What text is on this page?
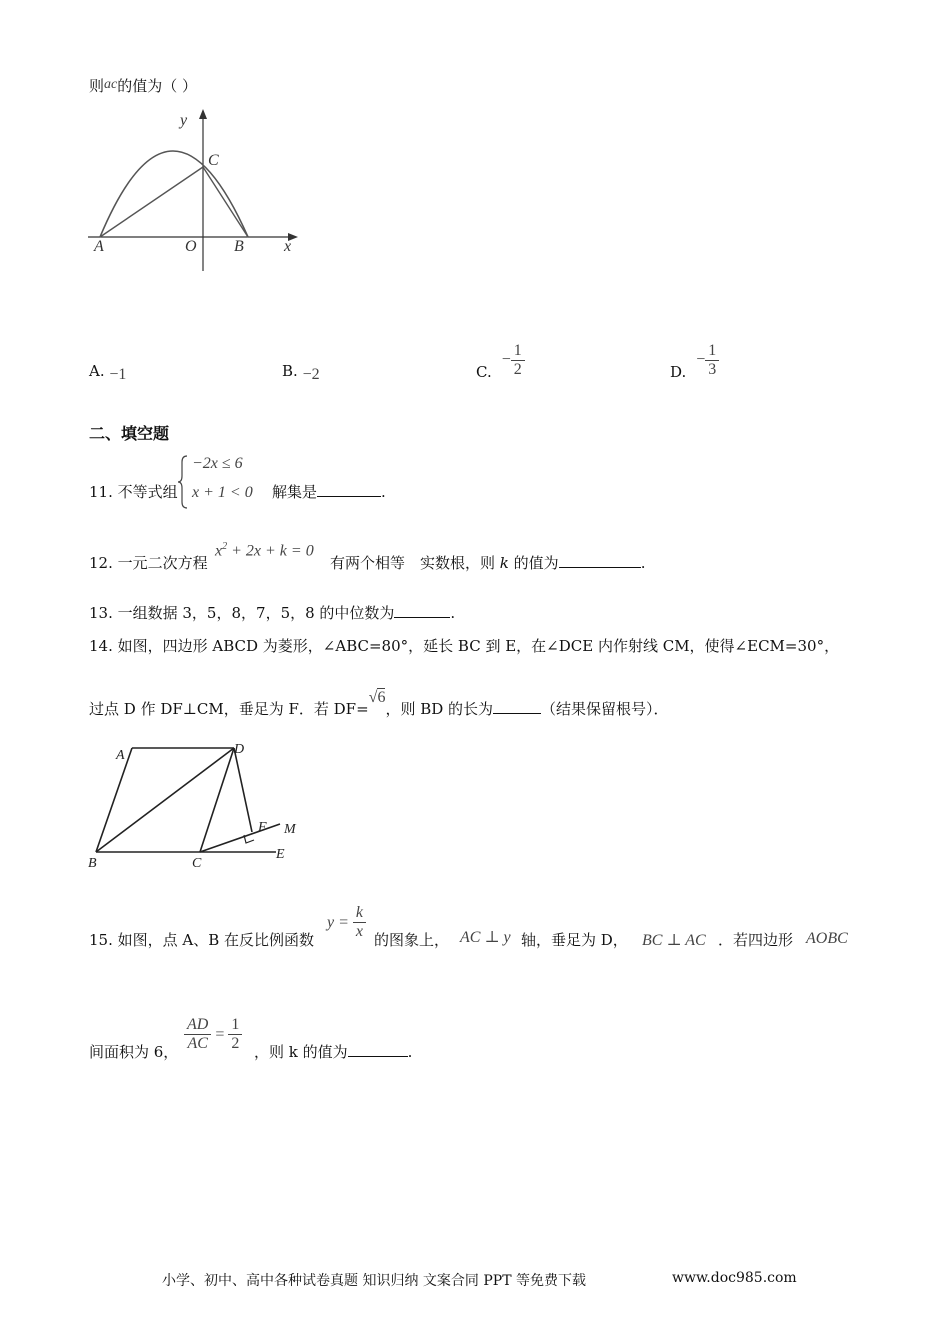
则ac的值为（ ）
y
C
A	O B	x
A. −1	B. −2	C.
− $\frac{1}{2}$	D.
− $\frac{1}{3}$
二、填空题
11. 不等式组
−2x ≤ 6
x + 1 < 0 解集是	.
12. 一元二次方程
$x^2 + 2x + k = 0$
有两个相等　实数根，则 k 的值为	.
13. 一组数据 3，5，8，7，5，8 的中位数为	.
14. 如图，四边形 ABCD 为菱形，∠ABC=80°，延长 BC 到 E，在∠DCE 内作射线 CM，使得∠ECM=30°，
过点 D 作 DF⊥CM，垂足为 F．若 DF=√6，则 BD 的长为	（结果保留根号）．
A	D
B	C
E
F M
15. 如图，点 A、B 在反比例函数
$y = \frac{k}{x}$ 的图象上， AC ⊥ y 轴，垂足为 D， BC ⊥ AC ．若四边形 AOBC
间面积为 6， $\frac{AD}{AC} = \frac{1}{2}$ ，则 k 的值为	.
小学、初中、高中各种试卷真题 知识归纳 文案合同 PPT 等免费下载	www.doc985.com
